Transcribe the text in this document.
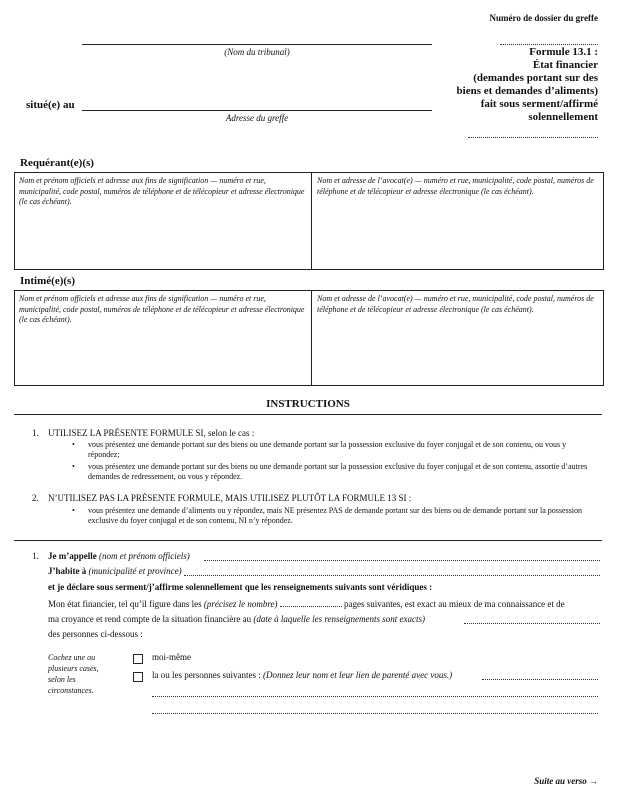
Numéro de dossier du greffe
(Nom du tribunal)
situé(e) au
Adresse du greffe
Formule 13.1 :
État financier
(demandes portant sur des
biens et demandes d’aliments)
fait sous serment/affirmé
solennellement
Requérant(e)(s)
Nom et prénom officiels et adresse aux fins de signification — numéro et rue, municipalité, code postal, numéros de téléphone et de télécopieur et adresse électronique (le cas échéant).
Nom et adresse de l’avocat(e) — numéro et rue, municipalité, code postal, numéros de téléphone et de télécopieur et adresse électronique (le cas échéant).
Intimé(e)(s)
Nom et prénom officiels et adresse aux fins de signification — numéro et rue, municipalité, code postal, numéros de téléphone et de télécopieur et adresse électronique (le cas échéant).
Nom et adresse de l’avocat(e) — numéro et rue, municipalité, code postal, numéros de téléphone et de télécopieur et adresse électronique (le cas échéant).
INSTRUCTIONS
1. UTILISEZ LA PRÉSENTE FORMULE SI, selon le cas :
• vous présentez une demande portant sur des biens ou une demande portant sur la possession exclusive du foyer conjugal et de son contenu, ou vous y répondez;
• vous présentez une demande portant sur des biens ou une demande portant sur la possession exclusive du foyer conjugal et de son contenu, assortie d’autres demandes de redressement, ou vous y répondez.
2. N’UTILISEZ PAS LA PRÉSENTE FORMULE, MAIS UTILISEZ PLUTÔT LA FORMULE 13 SI :
• vous présentez une demande d’aliments ou y répondez, mais NE présentez PAS de demande portant sur des biens ou de demande portant sur la possession exclusive du foyer conjugal et de son contenu, NI n’y répondez.
1. Je m’appelle (nom et prénom officiels)
J’habite à (municipalité et province)
et je déclare sous serment/j’affirme solennellement que les renseignements suivants sont véridiques :
Mon état financier, tel qu’il figure dans les (précisez le nombre)	pages suivantes, est exact au mieux de ma connaissance et de
ma croyance et rend compte de la situation financière au (date à laquelle les renseignements sont exacts)
des personnes ci-dessous :
Cochez une ou plusieurs cases, selon les circonstances.
moi-même
la ou les personnes suivantes : (Donnez leur nom et leur lien de parenté avec vous.)
Suite au verso →
